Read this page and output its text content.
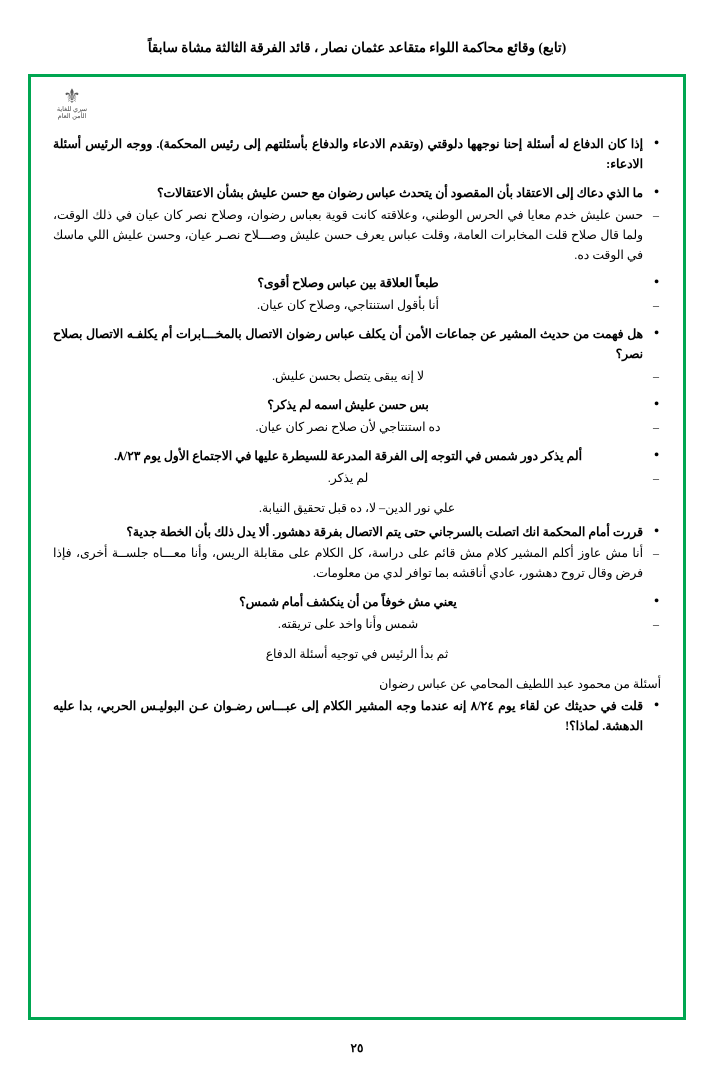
(تابع) وقائع محاكمة اللواء متقاعد عثمان نصار ، قائد الفرقة الثالثة مشاة سابقاً
⚜
سري للغاية
الأمن العام
• إذا كان الدفاع له أسئلة إحنا نوجهها دلوقتي (وتقدم الادعاء والدفاع بأسئلتهم إلى رئيس المحكمة). ووجه الرئيس أسئلة الادعاء:
• ما الذي دعاك إلى الاعتقاد بأن المقصود أن يتحدث عباس رضوان مع حسن عليش بشأن الاعتقالات؟
– حسن عليش خدم معايا في الحرس الوطني، وعلاقته كانت قوية بعباس رضوان، وصلاح نصر كان عيان في ذلك الوقت، ولما قال صلاح قلت المخابرات العامة، وقلت عباس يعرف حسن عليش وصـــلاح نصـر عيان، وحسن عليش اللي ماسك في الوقت ده.
• طبعاً العلاقة بين عباس وصلاح أقوى؟
– أنا بأقول استنتاجي، وصلاح كان عيان.
• هل فهمت من حديث المشير عن جماعات الأمن أن يكلف عباس رضوان الاتصال بالمخـــابرات أم يكلفـه الاتصال بصلاح نصر؟
– لا إنه يبقى يتصل بحسن عليش.
• بس حسن عليش اسمه لم يذكر؟
– ده استنتاجي لأن صلاح نصر كان عيان.
• ألم يذكر دور شمس في التوجه إلى الفرقة المدرعة للسيطرة عليها في الاجتماع الأول يوم ٨/٢٣.
– لم يذكر.
علي نور الدين– لا، ده قبل تحقيق النيابة.
• قررت أمام المحكمة انك اتصلت بالسرجاني حتى يتم الاتصال بفرقة دهشور. ألا يدل ذلك بأن الخطة جدية؟
– أنا مش عاوز أكلم المشير كلام مش قائم على دراسة، كل الكلام على مقابلة الريس، وأنا معـــاه جلســة أخرى، فإذا فرض وقال تروح دهشور، عادي أناقشه بما توافر لدي من معلومات.
• يعني مش خوفاً من أن ينكشف أمام شمس؟
– شمس وأنا واخد على تريقته.
ثم بدأ الرئيس في توجيه أسئلة الدفاع
أسئلة من محمود عبد اللطيف المحامي عن عباس رضوان
• قلت في حديثك عن لقاء يوم ٨/٢٤ إنه عندما وجه المشير الكلام إلى عبـــاس رضـوان عـن البوليـس الحربي، بدا عليه الدهشة. لماذا؟!
٢٥
